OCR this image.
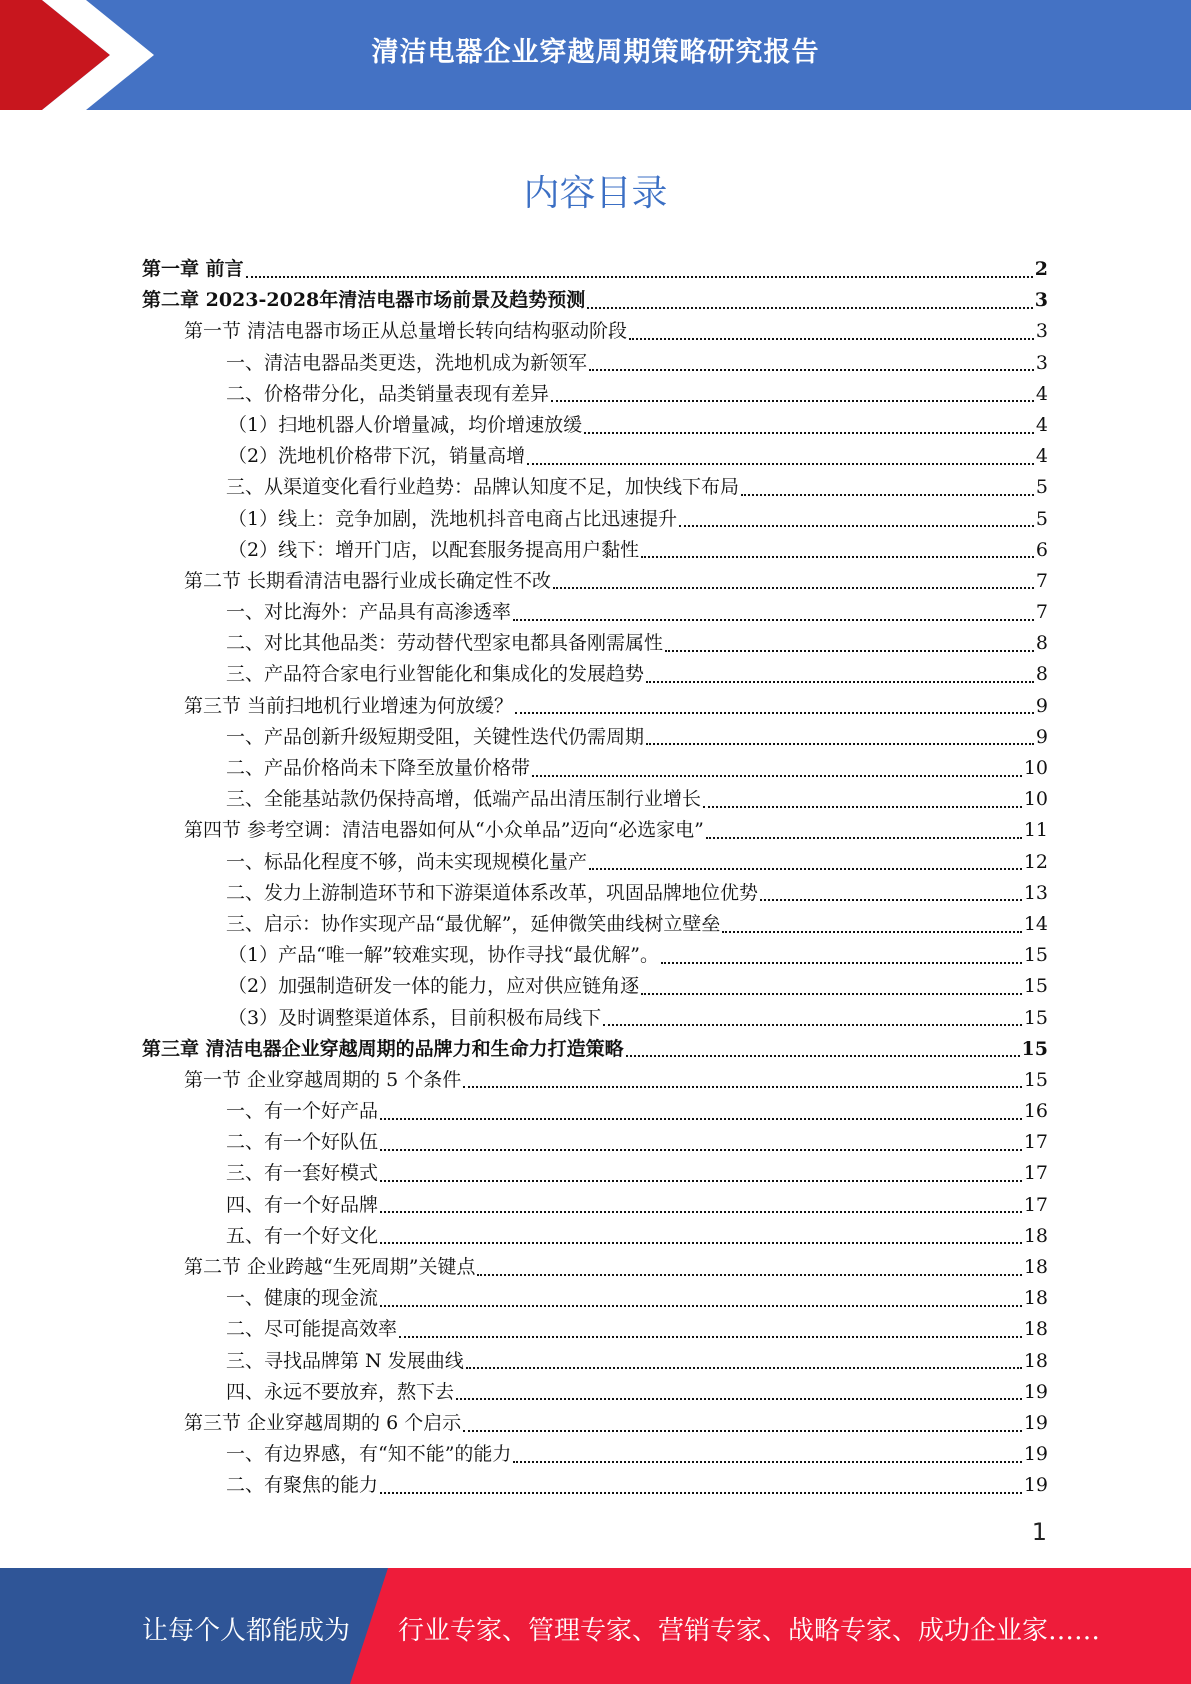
清洁电器企业穿越周期策略研究报告
内容目录
第一章 前言	2
第二章 2023-2028年清洁电器市场前景及趋势预测	3
第一节 清洁电器市场正从总量增长转向结构驱动阶段	3
一、清洁电器品类更迭，洗地机成为新领军	3
二、价格带分化，品类销量表现有差异	4
（1）扫地机器人价增量减，均价增速放缓	4
（2）洗地机价格带下沉，销量高增	4
三、从渠道变化看行业趋势：品牌认知度不足，加快线下布局	5
（1）线上：竞争加剧，洗地机抖音电商占比迅速提升	5
（2）线下：增开门店，以配套服务提高用户黏性	6
第二节 长期看清洁电器行业成长确定性不改	7
一、对比海外：产品具有高渗透率	7
二、对比其他品类：劳动替代型家电都具备刚需属性	8
三、产品符合家电行业智能化和集成化的发展趋势	8
第三节 当前扫地机行业增速为何放缓？	9
一、产品创新升级短期受阻，关键性迭代仍需周期	9
二、产品价格尚未下降至放量价格带	10
三、全能基站款仍保持高增，低端产品出清压制行业增长	10
第四节 参考空调：清洁电器如何从“小众单品”迈向“必选家电”	11
一、标品化程度不够，尚未实现规模化量产	12
二、发力上游制造环节和下游渠道体系改革，巩固品牌地位优势	13
三、启示：协作实现产品“最优解”，延伸微笑曲线树立壁垒	14
（1）产品“唯一解”较难实现，协作寻找“最优解”。	15
（2）加强制造研发一体的能力，应对供应链角逐	15
（3）及时调整渠道体系，目前积极布局线下	15
第三章 清洁电器企业穿越周期的品牌力和生命力打造策略	15
第一节 企业穿越周期的 5 个条件	15
一、有一个好产品	16
二、有一个好队伍	17
三、有一套好模式	17
四、有一个好品牌	17
五、有一个好文化	18
第二节 企业跨越“生死周期”关键点	18
一、健康的现金流	18
二、尽可能提高效率	18
三、寻找品牌第 N 发展曲线	18
四、永远不要放弃，熬下去	19
第三节 企业穿越周期的 6 个启示	19
一、有边界感，有“知不能”的能力	19
二、有聚焦的能力	19
1
让每个人都能成为 行业专家、管理专家、营销专家、战略专家、成功企业家……
